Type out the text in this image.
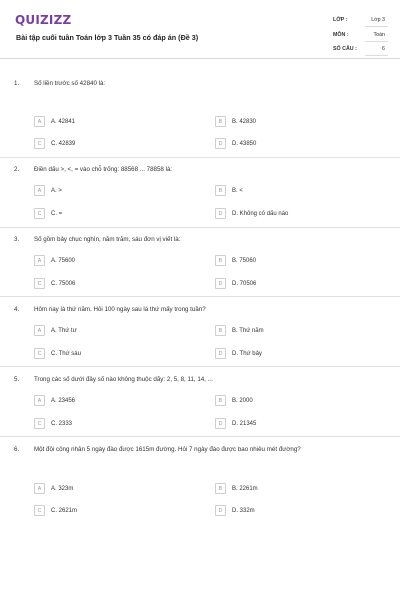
QUIZIZZ
Bài tập cuối tuần Toán lớp 3 Tuần 35 có đáp án (Đề 3)
LỚP :	Lớp 3
MÔN :	Toán
SỐ CÂU :	6
1. Số liền trước số 42840 là:
A	A. 42841	B	B. 42830
C	C. 42839	D	D. 43850
2. Điền dấu >, <, = vào chỗ trống: 88568 ... 78858 là:
A	A. >	B	B. <
C	C. =	D	D. Không có dấu nào
3. Số gồm bảy chục nghìn, năm trăm, sáu đơn vị viết là:
A	A. 75600	B	B. 75060
C	C. 75006	D	D. 70506
4. Hôm nay là thứ năm. Hỏi 100 ngày sau là thứ mấy trong tuần?
A	A. Thứ tư	B	B. Thứ năm
C	C. Thứ sáu	D	D. Thứ bảy
5. Trong các số dưới đây số nào không thuộc dãy: 2, 5, 8, 11, 14, ...
A	A. 23456	B	B. 2000
C	C. 2333	D	D. 21345
6. Một đội công nhân 5 ngày đào được 1615m đường. Hỏi 7 ngày đào được bao nhiêu mét đường?
A	A. 323m	B	B. 2261m
C	C. 2621m	D	D. 332m
